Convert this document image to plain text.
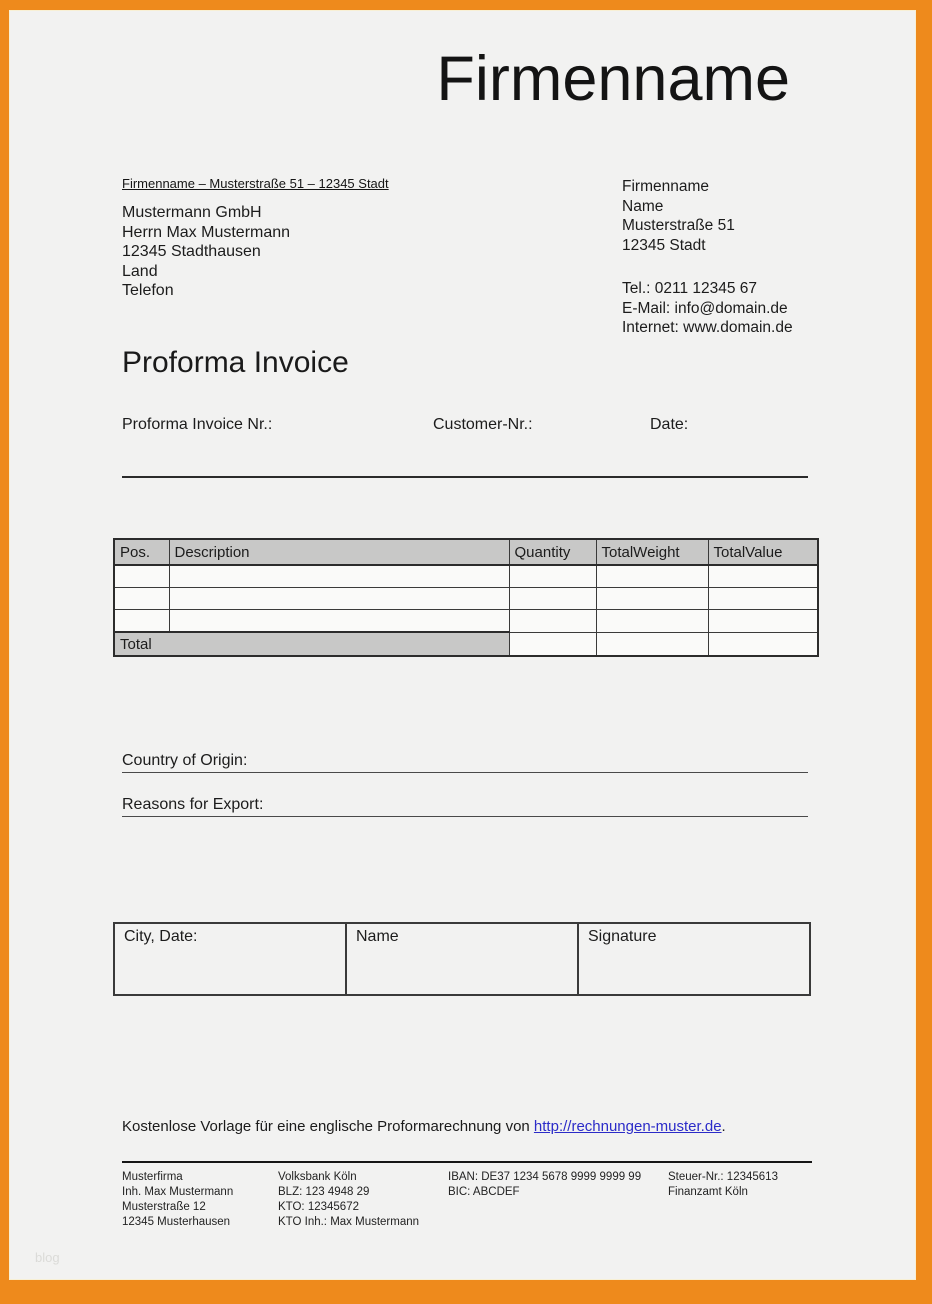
Firmenname
Firmenname – Musterstraße 51 – 12345 Stadt
Mustermann GmbH
Herrn Max Mustermann
12345 Stadthausen
Land
Telefon
Firmenname
Name
Musterstraße 51
12345 Stadt
Tel.: 0211 12345 67
E-Mail: info@domain.de
Internet: www.domain.de
Proforma Invoice
Proforma Invoice Nr.:	Customer-Nr.:	Date:
Pos.	Description	Quantity	TotalWeight	TotalValue

Total				
Country of Origin:
Reasons for Export:
City, Date:	Name	Signature

Kostenlose Vorlage für eine englische Proformarechnung von http://rechnungen-muster.de.

Musterfirma
Inh. Max Mustermann
Musterstraße 12
12345 Musterhausen
Volksbank Köln
BLZ: 123 4948 29
KTO: 12345672
KTO Inh.: Max Mustermann
IBAN: DE37 1234 5678 9999 9999 99
BIC: ABCDEF
Steuer-Nr.: 12345613
Finanzamt Köln
blog
